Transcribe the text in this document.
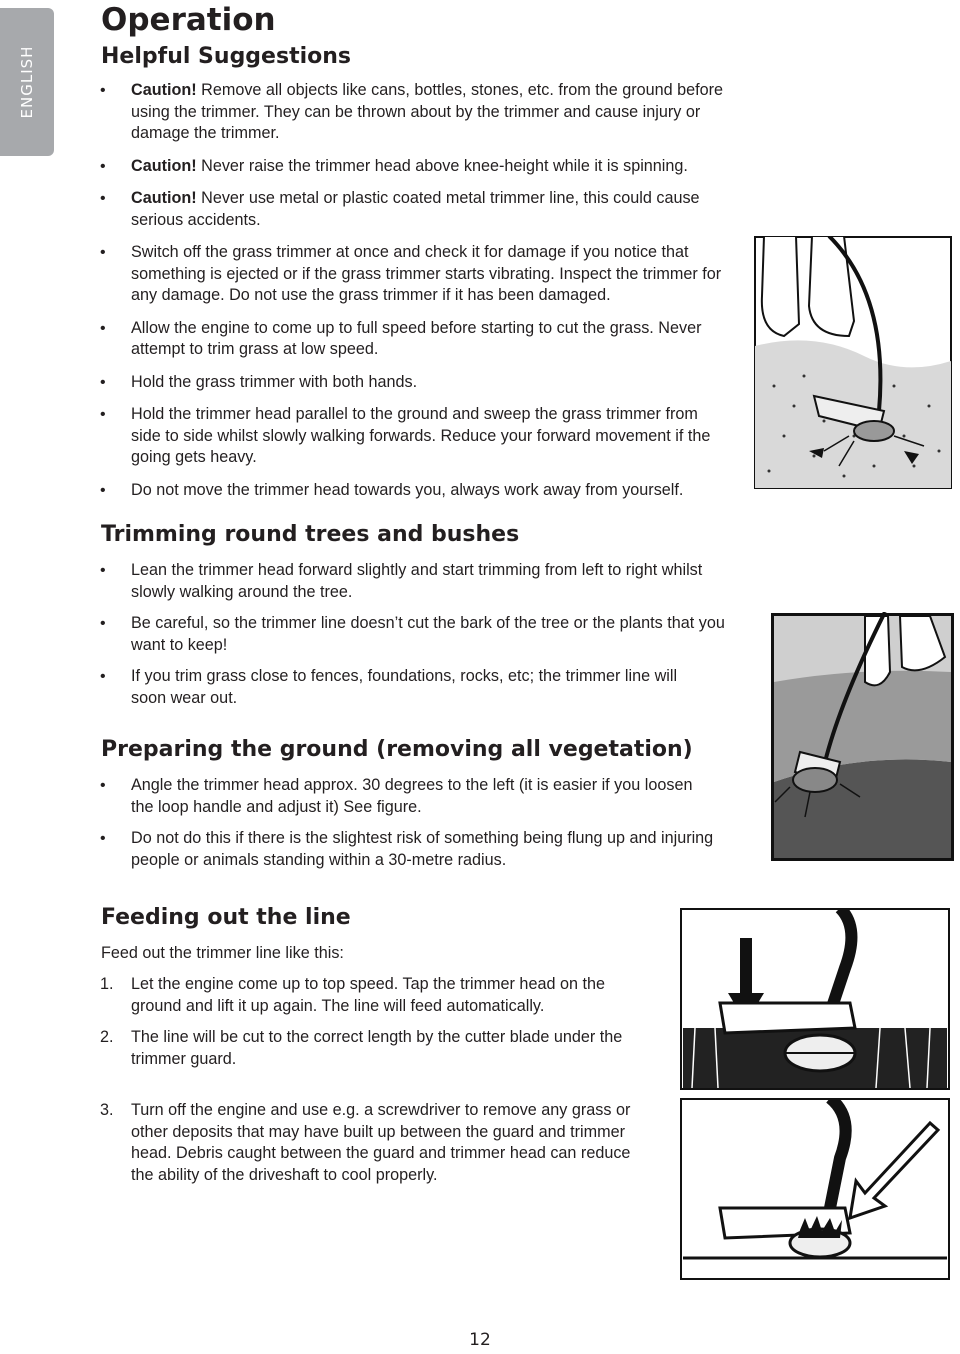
ENGLISH
Operation
Helpful Suggestions
• Caution! Remove all objects like cans, bottles, stones, etc. from the ground before using the trimmer. They can be thrown about by the trimmer and cause injury or damage the trimmer.
• Caution! Never raise the trimmer head above knee-height while it is spinning.
• Caution! Never use metal or plastic coated metal trimmer line, this could cause serious accidents.
• Switch off the grass trimmer at once and check it for damage if you notice that something is ejected or if the grass trimmer starts vibrating. Inspect the trimmer for any damage. Do not use the grass trimmer if it has been damaged.
• Allow the engine to come up to full speed before starting to cut the grass. Never attempt to trim grass at low speed.
• Hold the grass trimmer with both hands.
• Hold the trimmer head parallel to the ground and sweep the grass trimmer from side to side whilst slowly walking forwards. Reduce your forward movement if the going gets heavy.
• Do not move the trimmer head towards you, always work away from yourself.
Trimming round trees and bushes
• Lean the trimmer head forward slightly and start trimming from left to right whilst slowly walking around the tree.
• Be careful, so the trimmer line doesn’t cut the bark of the tree or the plants that you want to keep!
• If you trim grass close to fences, foundations, rocks, etc; the trimmer line will soon wear out.
Preparing the ground (removing all vegetation)
• Angle the trimmer head approx. 30 degrees to the left (it is easier if you loosen the loop handle and adjust it) See figure.
• Do not do this if there is the slightest risk of something being flung up and injuring people or animals standing within a 30-metre radius.
Feeding out the line

Feed out the trimmer line like this:

1. Let the engine come up to top speed. Tap the trimmer head on the ground and lift it up again. The line will feed automatically.
2. The line will be cut to the correct length by the cutter blade under the trimmer guard.
3. Turn off the engine and use e.g. a screwdriver to remove any grass or other deposits that may have built up between the guard and trimmer head. Debris caught between the guard and trimmer head can reduce the ability of the driveshaft to cool properly.

12
